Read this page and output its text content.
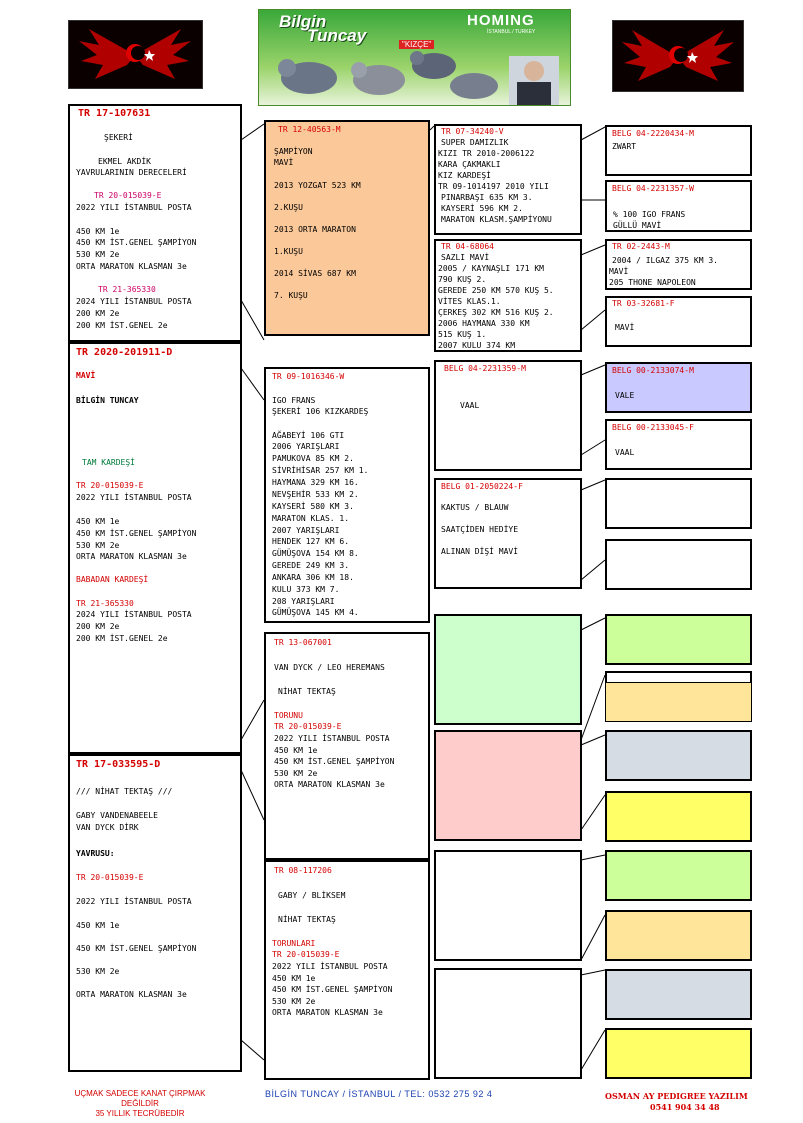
Bilgin
Tuncay	"KIZÇE"
HOMING
İSTANBUL / TURKEY
TR 17-107631
ŞEKERİ
EKMEL AKDİK
YAVRULARININ DERECELERİ
TR 20-015039-E
2022 YILI İSTANBUL POSTA
450 KM 1e
450 KM İST.GENEL ŞAMPİYON
530 KM 2e
ORTA MARATON KLASMAN 3e
TR 21-365330
2024 YILI İSTANBUL POSTA
200 KM 2e
200 KM İST.GENEL 2e
TR 2020-201911-D
MAVİ
BİLGİN TUNCAY
TAM KARDEŞİ
TR 20-015039-E
2022 YILI İSTANBUL POSTA
450 KM 1e
450 KM İST.GENEL ŞAMPİYON
530 KM 2e
ORTA MARATON KLASMAN 3e
BABADAN KARDEŞİ
TR 21-365330
2024 YILI İSTANBUL POSTA
200 KM 2e
200 KM İST.GENEL 2e
TR 17-033595-D
/// NİHAT TEKTAŞ ///
GABY VANDENABEELE
VAN DYCK DİRK
YAVRUSU:
TR 20-015039-E
2022 YILI İSTANBUL POSTA
450 KM 1e
450 KM İST.GENEL ŞAMPİYON
530 KM 2e
ORTA MARATON KLASMAN 3e
TR 12-40563-M
ŞAMPİYON
MAVİ
2013 YOZGAT 523 KM
2.KUŞU
2013 ORTA MARATON
1.KUŞU
2014 SİVAS 687 KM
7. KUŞU
TR 09-1016346-W
IGO FRANS
ŞEKERİ 106 KIZKARDEŞ
AĞABEYİ 106 GTI
2006 YARIŞLARI
PAMUKOVA 85 KM 2.
SİVRİHİSAR 257 KM 1.
HAYMANA 329 KM 16.
NEVŞEHİR 533 KM 2.
KAYSERİ 580 KM 3.
MARATON KLAS. 1.
2007 YARIŞLARI
HENDEK 127 KM 6.
GÜMÜŞOVA 154 KM 8.
GEREDE 249 KM 3.
ANKARA 306 KM 18.
KULU 373 KM 7.
208 YARIŞLARI
GÜMÜŞOVA 145 KM 4.
TR 13-067001
VAN DYCK / LEO HEREMANS
NİHAT TEKTAŞ
TORUNU
TR 20-015039-E
2022 YILI İSTANBUL POSTA
450 KM 1e
450 KM İST.GENEL ŞAMPİYON
530 KM 2e
ORTA MARATON KLASMAN 3e
TR 08-117206
GABY / BLİKSEM
NİHAT TEKTAŞ
TORUNLARI
TR 20-015039-E
2022 YILI İSTANBUL POSTA
450 KM 1e
450 KM İST.GENEL ŞAMPİYON
530 KM 2e
ORTA MARATON KLASMAN 3e
TR 07-34240-V
SUPER DAMIZLIK
KIZI TR 2010-2006122
KARA ÇAKMAKLI
KIZ KARDEŞİ
TR 09-1014197 2010 YILI
PINARBAŞI 635 KM 3.
KAYSERİ 596 KM 2.
MARATON KLASM.ŞAMPİYONU
TR 04-68064
SAZLI MAVİ
2005 / KAYNAŞLI 171 KM
790 KUŞ 2.
GEREDE 250 KM 570 KUŞ 5.
VİTES KLAS.1.
ÇERKEŞ 302 KM 516 KUŞ 2.
2006 HAYMANA 330 KM
515 KUŞ 1.
2007 KULU 374 KM
BELG 04-2231359-M
VAAL
BELG 01-2050224-F
KAKTUS / BLAUW
SAATÇİDEN HEDİYE
ALINAN DİŞİ MAVİ
BELG 04-2220434-M
ZWART
BELG 04-2231357-W
% 100 IGO FRANS
GÜLLÜ MAVİ
TR 02-2443-M
2004 / ILGAZ 375 KM 3.
MAVİ
205 THONE NAPOLEON
TR 03-32681-F
MAVİ
BELG 00-2133074-M
VALE
BELG 00-2133045-F
VAAL
UÇMAK SADECE KANAT ÇIRPMAK
DEĞİLDİR
35 YILLIK TECRÜBEDİR
BİLGİN TUNCAY / İSTANBUL / TEL: 0532 275 92 4	OSMAN AY PEDIGREE YAZILIM
0541 904 34 48
